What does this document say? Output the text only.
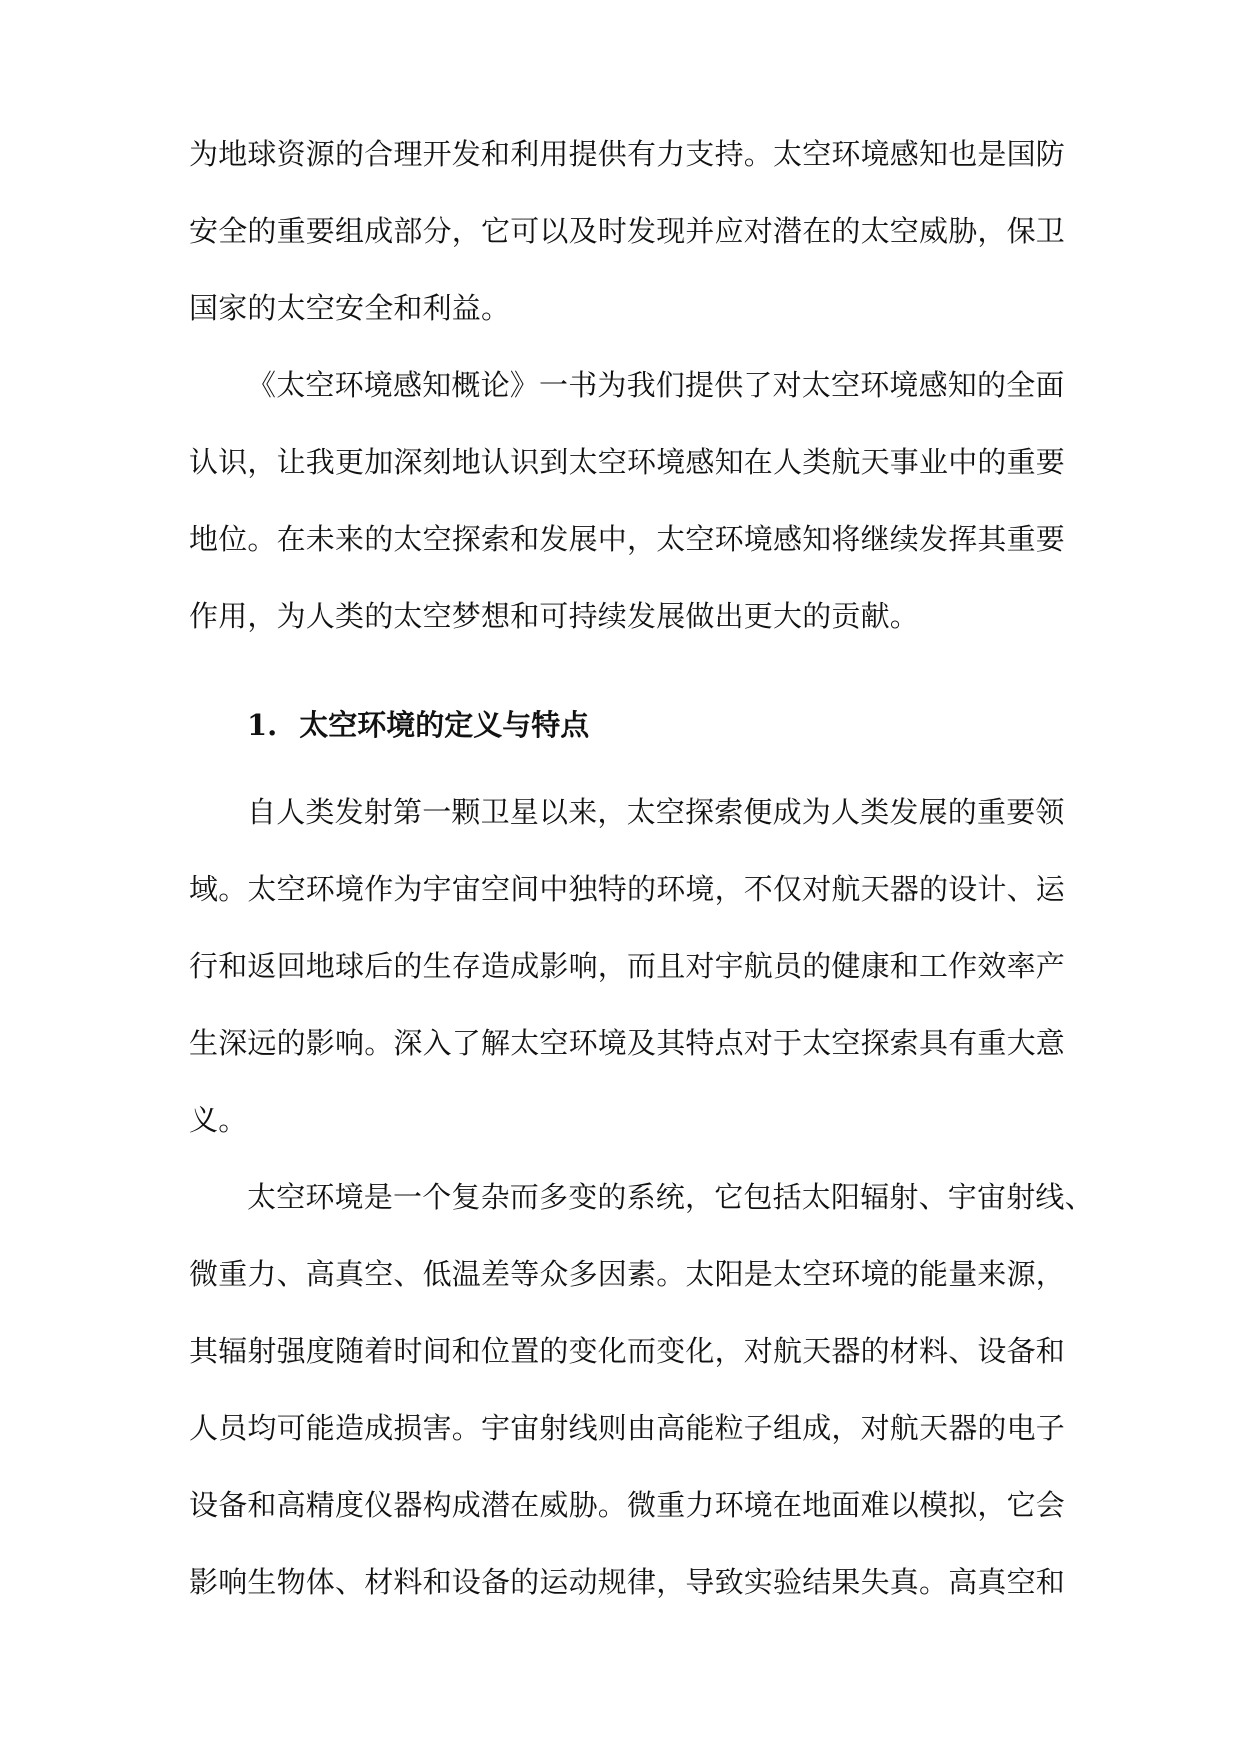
为地球资源的合理开发和利用提供有力支持。太空环境感知也是国防
安全的重要组成部分，它可以及时发现并应对潜在的太空威胁，保卫
国家的太空安全和利益。
《太空环境感知概论》一书为我们提供了对太空环境感知的全面
认识，让我更加深刻地认识到太空环境感知在人类航天事业中的重要
地位。在未来的太空探索和发展中，太空环境感知将继续发挥其重要
作用，为人类的太空梦想和可持续发展做出更大的贡献。
1. 太空环境的定义与特点
自人类发射第一颗卫星以来，太空探索便成为人类发展的重要领
域。太空环境作为宇宙空间中独特的环境，不仅对航天器的设计、运
行和返回地球后的生存造成影响，而且对宇航员的健康和工作效率产
生深远的影响。深入了解太空环境及其特点对于太空探索具有重大意
义。
太空环境是一个复杂而多变的系统，它包括太阳辐射、宇宙射线、
微重力、高真空、低温差等众多因素。太阳是太空环境的能量来源，
其辐射强度随着时间和位置的变化而变化，对航天器的材料、设备和
人员均可能造成损害。宇宙射线则由高能粒子组成，对航天器的电子
设备和高精度仪器构成潜在威胁。微重力环境在地面难以模拟，它会
影响生物体、材料和设备的运动规律，导致实验结果失真。高真空和
